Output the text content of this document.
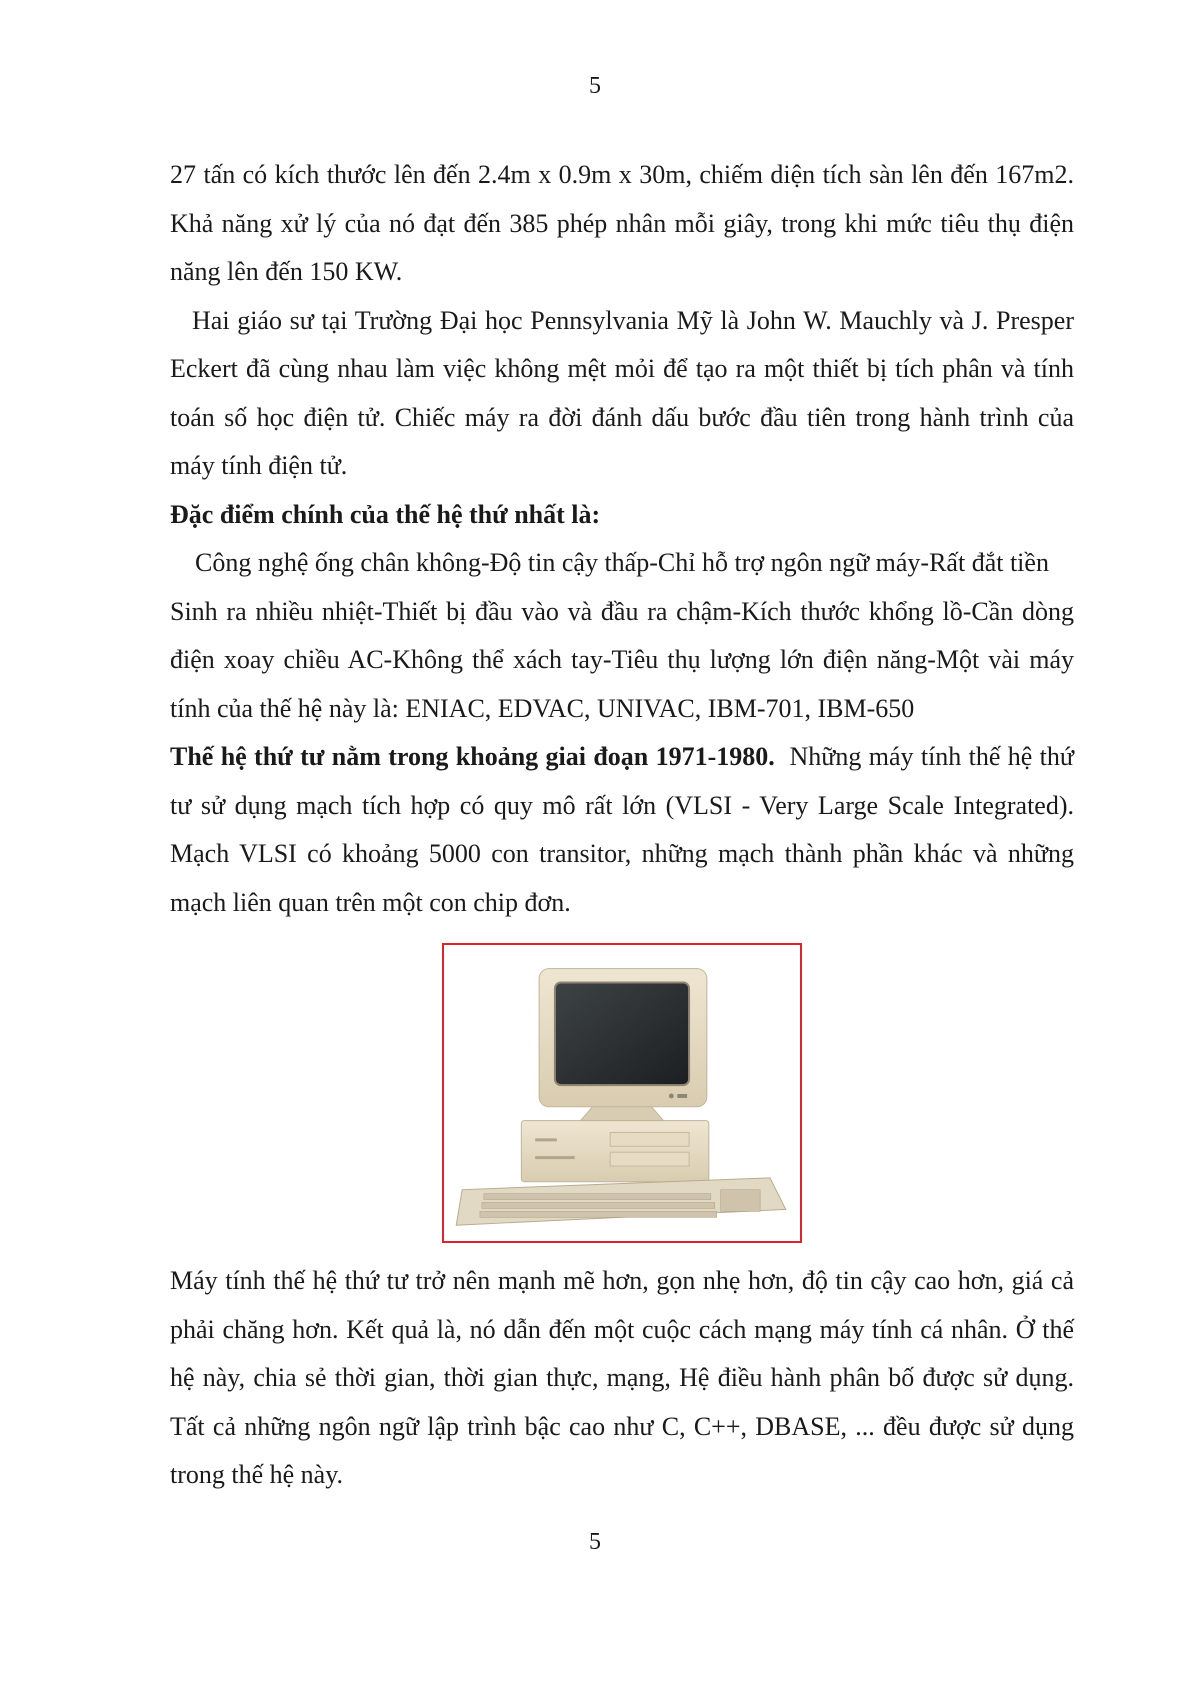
5

27 tấn có kích thước lên đến 2.4m x 0.9m x 30m, chiếm diện tích sàn lên đến 167m2. Khả năng xử lý của nó đạt đến 385 phép nhân mỗi giây, trong khi mức tiêu thụ điện năng lên đến 150 KW.

Hai giáo sư tại Trường Đại học Pennsylvania Mỹ là John W. Mauchly và J. Presper Eckert đã cùng nhau làm việc không mệt mỏi để tạo ra một thiết bị tích phân và tính toán số học điện tử. Chiếc máy ra đời đánh dấu bước đầu tiên trong hành trình của máy tính điện tử.

Đặc điểm chính của thế hệ thứ nhất là:

Công nghệ ống chân không-Độ tin cậy thấp-Chỉ hỗ trợ ngôn ngữ máy-Rất đắt tiền

Sinh ra nhiều nhiệt-Thiết bị đầu vào và đầu ra chậm-Kích thước khổng lồ-Cần dòng điện xoay chiều AC-Không thể xách tay-Tiêu thụ lượng lớn điện năng-Một vài máy tính của thế hệ này là: ENIAC, EDVAC, UNIVAC, IBM-701, IBM-650

Thế hệ thứ tư nằm trong khoảng giai đoạn 1971-1980.  Những máy tính thế hệ thứ tư sử dụng mạch tích hợp có quy mô rất lớn (VLSI - Very Large Scale Integrated). Mạch VLSI có khoảng 5000 con transitor, những mạch thành phần khác và những mạch liên quan trên một con chip đơn.

Máy tính thế hệ thứ tư trở nên mạnh mẽ hơn, gọn nhẹ hơn, độ tin cậy cao hơn, giá cả phải chăng hơn. Kết quả là, nó dẫn đến một cuộc cách mạng máy tính cá nhân. Ở thế hệ này, chia sẻ thời gian, thời gian thực, mạng, Hệ điều hành phân bố được sử dụng. Tất cả những ngôn ngữ lập trình bậc cao như C, C++, DBASE, ... đều được sử dụng trong thế hệ này.

5
